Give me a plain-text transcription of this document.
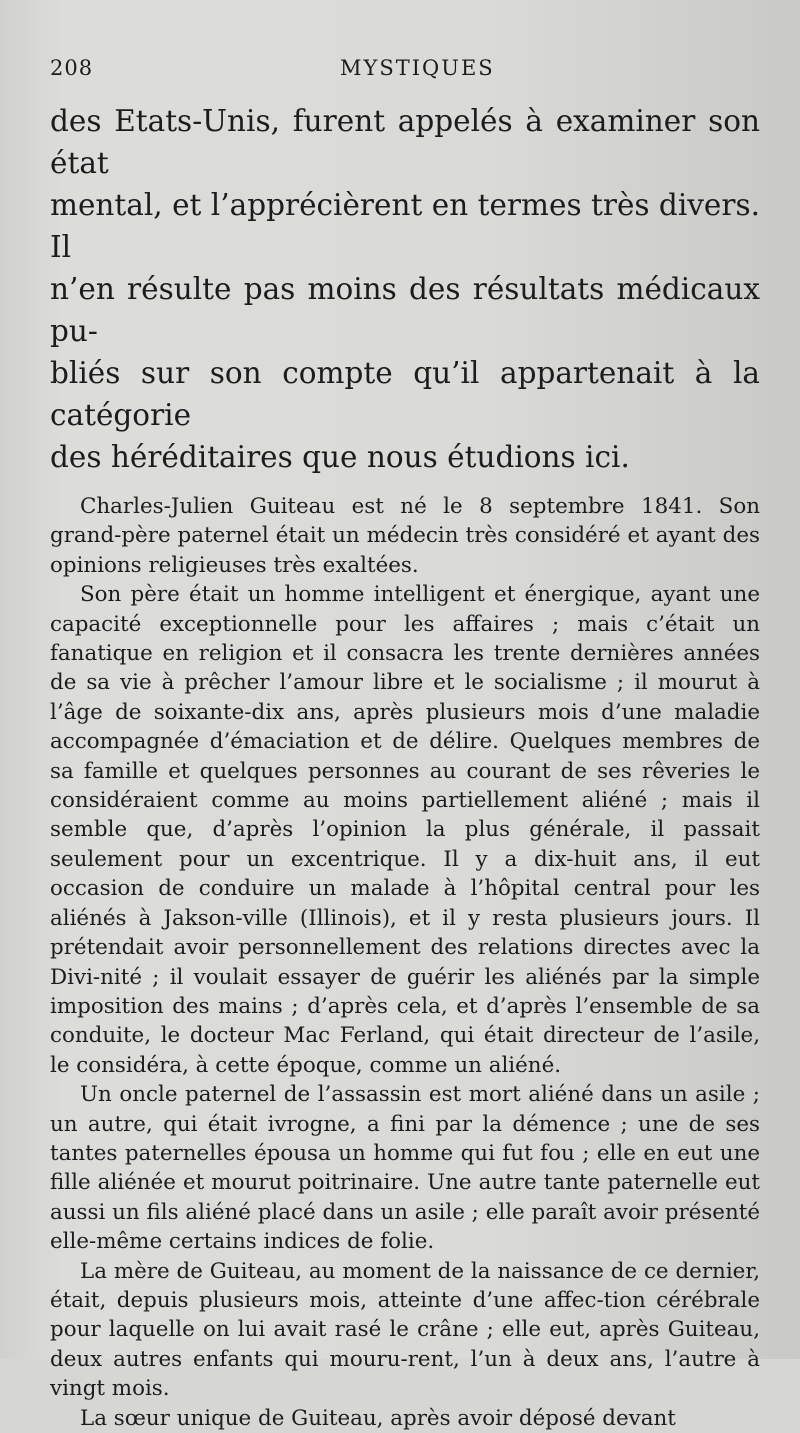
208	MYSTIQUES

des Etats-Unis, furent appelés à examiner son état

mental, et l’apprécièrent en termes très divers. Il

n’en résulte pas moins des résultats médicaux pu-

bliés sur son compte qu’il appartenait à la catégorie

des héréditaires que nous étudions ici.

Charles-Julien Guiteau est né le 8 septembre 1841. Son grand-père paternel était un médecin très considéré et ayant des opinions religieuses très exaltées.

Son père était un homme intelligent et énergique, ayant une capacité exceptionnelle pour les affaires ; mais c’était un fanatique en religion et il consacra les trente dernières années de sa vie à prêcher l’amour libre et le socialisme ; il mourut à l’âge de soixante-dix ans, après plusieurs mois d’une maladie accompagnée d’émaciation et de délire. Quelques membres de sa famille et quelques personnes au courant de ses rêveries le considéraient comme au moins partiellement aliéné ; mais il semble que, d’après l’opinion la plus générale, il passait seulement pour un excentrique. Il y a dix-huit ans, il eut occasion de conduire un malade à l’hôpital central pour les aliénés à Jakson-ville (Illinois), et il y resta plusieurs jours. Il prétendait avoir personnellement des relations directes avec la Divi-nité ; il voulait essayer de guérir les aliénés par la simple imposition des mains ; d’après cela, et d’après l’ensemble de sa conduite, le docteur Mac Ferland, qui était directeur de l’asile, le considéra, à cette époque, comme un aliéné.

Un oncle paternel de l’assassin est mort aliéné dans un asile ; un autre, qui était ivrogne, a fini par la démence ; une de ses tantes paternelles épousa un homme qui fut fou ; elle en eut une fille aliénée et mourut poitrinaire. Une autre tante paternelle eut aussi un fils aliéné placé dans un asile ; elle paraît avoir présenté elle-même certains indices de folie.

La mère de Guiteau, au moment de la naissance de ce dernier, était, depuis plusieurs mois, atteinte d’une affec-tion cérébrale pour laquelle on lui avait rasé le crâne ; elle eut, après Guiteau, deux autres enfants qui mouru-rent, l’un à deux ans, l’autre à vingt mois.

La sœur unique de Guiteau, après avoir déposé devant
